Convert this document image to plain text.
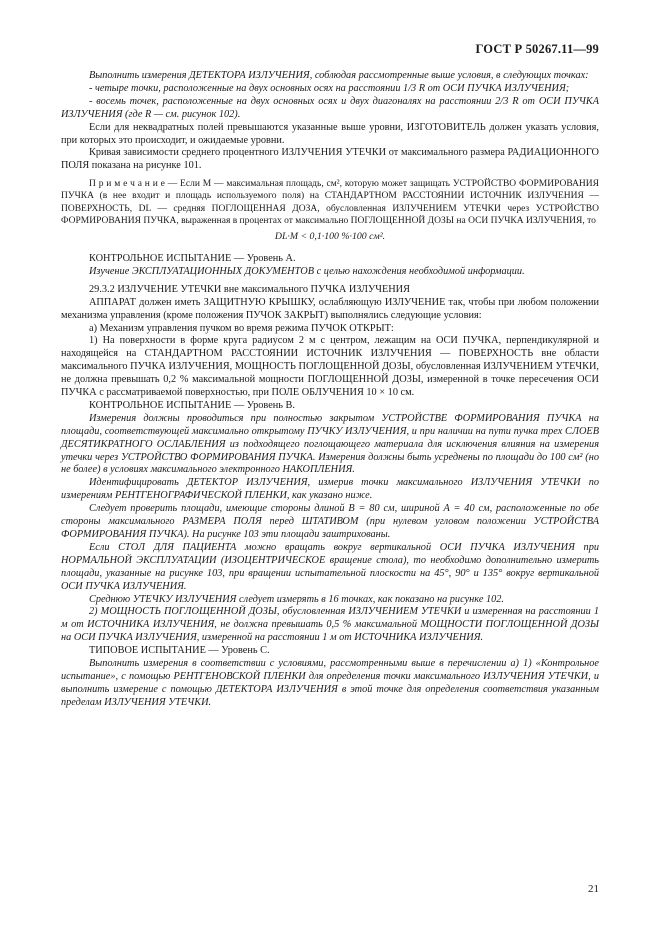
ГОСТ Р 50267.11—99

Выполнить измерения ДЕТЕКТОРА ИЗЛУЧЕНИЯ, соблюдая рассмотренные выше условия, в следующих точках:

- четыре точки, расположенные на двух основных осях на расстоянии 1/3 R от ОСИ ПУЧКА ИЗЛУЧЕНИЯ;

- восемь точек, расположенные на двух основных осях и двух диагоналях на расстоянии 2/3 R от ОСИ ПУЧКА ИЗЛУЧЕНИЯ (где R — см. рисунок 102).

Если для неквадратных полей превышаются указанные выше уровни, ИЗГОТОВИТЕЛЬ должен указать условия, при которых это происходит, и ожидаемые уровни.

Кривая зависимости среднего процентного ИЗЛУЧЕНИЯ УТЕЧКИ от максимального размера РАДИАЦИОННОГО ПОЛЯ показана на рисунке 101.

П р и м е ч а н и е — Если M — максимальная площадь, см², которую может защищать УСТРОЙСТВО ФОРМИРОВАНИЯ ПУЧКА (в нее входит и площадь используемого поля) на СТАНДАРТНОМ РАССТОЯНИИ ИСТОЧНИК ИЗЛУЧЕНИЯ — ПОВЕРХНОСТЬ, DL — средняя ПОГЛОЩЕННАЯ ДОЗА, обусловленная ИЗЛУЧЕНИЕМ УТЕЧКИ через УСТРОЙСТВО ФОРМИРОВАНИЯ ПУЧКА, выраженная в процентах от максимально ПОГЛОЩЕННОЙ ДОЗЫ на ОСИ ПУЧКА ИЗЛУЧЕНИЯ, то

DL·M < 0,1·100 %·100 см².

КОНТРОЛЬНОЕ ИСПЫТАНИЕ — Уровень А.

Изучение ЭКСПЛУАТАЦИОННЫХ ДОКУМЕНТОВ с целью нахождения необходимой информации.

29.3.2 ИЗЛУЧЕНИЕ УТЕЧКИ вне максимального ПУЧКА ИЗЛУЧЕНИЯ

АППАРАТ должен иметь ЗАЩИТНУЮ КРЫШКУ, ослабляющую ИЗЛУЧЕНИЕ так, чтобы при любом положении механизма управления (кроме положения ПУЧОК ЗАКРЫТ) выполнялись следующие условия:

а) Механизм управления пучком во время режима ПУЧОК ОТКРЫТ:

1) На поверхности в форме круга радиусом 2 м с центром, лежащим на ОСИ ПУЧКА, перпендикулярной и находящейся на СТАНДАРТНОМ РАССТОЯНИИ ИСТОЧНИК ИЗЛУЧЕНИЯ — ПОВЕРХНОСТЬ вне области максимального ПУЧКА ИЗЛУЧЕНИЯ, МОЩНОСТЬ ПОГЛОЩЕННОЙ ДОЗЫ, обусловленная ИЗЛУЧЕНИЕМ УТЕЧКИ, не должна превышать 0,2 % максимальной мощности ПОГЛОЩЕННОЙ ДОЗЫ, измеренной в точке пересечения ОСИ ПУЧКА с рассматриваемой поверхностью, при ПОЛЕ ОБЛУЧЕНИЯ 10 × 10 см.

КОНТРОЛЬНОЕ ИСПЫТАНИЕ — Уровень В.

Измерения должны проводиться при полностью закрытом УСТРОЙСТВЕ ФОРМИРОВАНИЯ ПУЧКА на площади, соответствующей максимально открытому ПУЧКУ ИЗЛУЧЕНИЯ, и при наличии на пути пучка трех СЛОЕВ ДЕСЯТИКРАТНОГО ОСЛАБЛЕНИЯ из подходящего поглощающего материала для исключения влияния на измерения утечки через УСТРОЙСТВО ФОРМИРОВАНИЯ ПУЧКА. Измерения должны быть усреднены по площади до 100 см² (но не более) в условиях максимального электронного НАКОПЛЕНИЯ.

Идентифицировать ДЕТЕКТОР ИЗЛУЧЕНИЯ, измерив точки максимального ИЗЛУЧЕНИЯ УТЕЧКИ по измерениям РЕНТГЕНОГРАФИЧЕСКОЙ ПЛЕНКИ, как указано ниже.

Следует проверить площади, имеющие стороны длиной B = 80 см, шириной A = 40 см, расположенные по обе стороны максимального РАЗМЕРА ПОЛЯ перед ШТАТИВОМ (при нулевом угловом положении УСТРОЙСТВА ФОРМИРОВАНИЯ ПУЧКА). На рисунке 103 эти площади заштрихованы.

Если СТОЛ ДЛЯ ПАЦИЕНТА можно вращать вокруг вертикальной ОСИ ПУЧКА ИЗЛУЧЕНИЯ при НОРМАЛЬНОЙ ЭКСПЛУАТАЦИИ (ИЗОЦЕНТРИЧЕСКОЕ вращение стола), то необходимо дополнительно измерить площади, указанные на рисунке 103, при вращении испытательной плоскости на 45°, 90° и 135° вокруг вертикальной ОСИ ПУЧКА ИЗЛУЧЕНИЯ.

Среднюю УТЕЧКУ ИЗЛУЧЕНИЯ следует измерять в 16 точках, как показано на рисунке 102.

2) МОЩНОСТЬ ПОГЛОЩЕННОЙ ДОЗЫ, обусловленная ИЗЛУЧЕНИЕМ УТЕЧКИ и измеренная на расстоянии 1 м от ИСТОЧНИКА ИЗЛУЧЕНИЯ, не должна превышать 0,5 % максимальной МОЩНОСТИ ПОГЛОЩЕННОЙ ДОЗЫ на ОСИ ПУЧКА ИЗЛУЧЕНИЯ, измеренной на расстоянии 1 м от ИСТОЧНИКА ИЗЛУЧЕНИЯ.

ТИПОВОЕ ИСПЫТАНИЕ — Уровень С.

Выполнить измерения в соответствии с условиями, рассмотренными выше в перечислении а) 1) «Контрольное испытание», с помощью РЕНТГЕНОВСКОЙ ПЛЕНКИ для определения точки максимального ИЗЛУЧЕНИЯ УТЕЧКИ, и выполнить измерение с помощью ДЕТЕКТОРА ИЗЛУЧЕНИЯ в этой точке для определения соответствия указанным пределам ИЗЛУЧЕНИЯ УТЕЧКИ.

21
